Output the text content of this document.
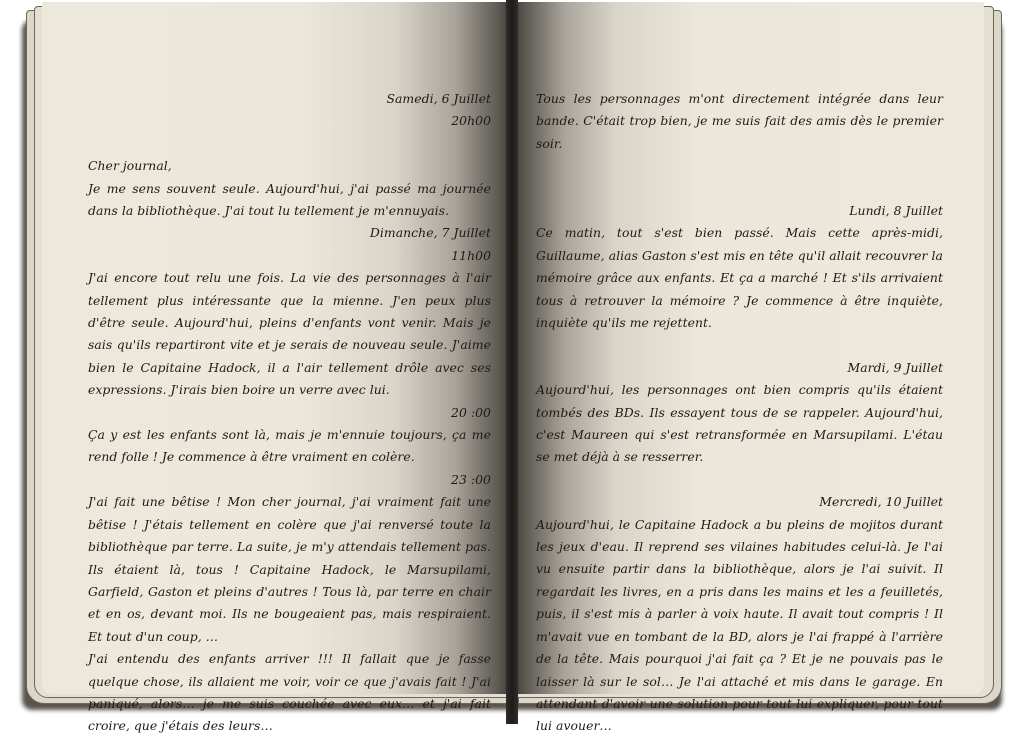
Samedi, 6 Juillet

20h00

Cher journal,

Je me sens souvent seule. Aujourd'hui, j'ai passé ma journée dans la bibliothèque. J'ai tout lu tellement je m'ennuyais.

Dimanche, 7 Juillet

11h00

J'ai encore tout relu une fois. La vie des personnages à l'air tellement plus intéressante que la mienne. J'en peux plus d'être seule. Aujourd'hui, pleins d'enfants vont venir. Mais je sais qu'ils repartiront vite et je serais de nouveau seule. J'aime bien le Capitaine Hadock, il a l'air tellement drôle avec ses expressions. J'irais bien boire un verre avec lui.

20 :00

Ça y est les enfants sont là, mais je m'ennuie toujours, ça me rend folle ! Je commence à être vraiment en colère.

23 :00

J'ai fait une bêtise ! Mon cher journal, j'ai vraiment fait une bêtise ! J'étais tellement en colère que j'ai renversé toute la bibliothèque par terre. La suite, je m'y attendais tellement pas. Ils étaient là, tous ! Capitaine Hadock, le Marsupilami, Garfield, Gaston et pleins d'autres ! Tous là, par terre en chair et en os, devant moi. Ils ne bougeaient pas, mais respiraient. Et tout d'un coup, …

J'ai entendu des enfants arriver !!! Il fallait que je fasse quelque chose, ils allaient me voir, voir ce que j'avais fait ! J'ai paniqué, alors… je me suis couchée avec eux… et j'ai fait croire, que j'étais des leurs…

Tous les personnages m'ont directement intégrée dans leur bande. C'était trop bien, je me suis fait des amis dès le premier soir.

Lundi, 8 Juillet

Ce matin, tout s'est bien passé. Mais cette après-midi, Guillaume, alias Gaston s'est mis en tête qu'il allait recouvrer la mémoire grâce aux enfants. Et ça a marché ! Et s'ils arrivaient tous à retrouver la mémoire ? Je commence à être inquiète, inquiète qu'ils me rejettent.

Mardi, 9 Juillet

Aujourd'hui, les personnages ont bien compris qu'ils étaient tombés des BDs. Ils essayent tous de se rappeler. Aujourd'hui, c'est Maureen qui s'est retransformée en Marsupilami. L'étau se met déjà à se resserrer.

Mercredi, 10 Juillet

Aujourd'hui, le Capitaine Hadock a bu pleins de mojitos durant les jeux d'eau. Il reprend ses vilaines habitudes celui-là. Je l'ai vu ensuite partir dans la bibliothèque, alors je l'ai suivit. Il regardait les livres, en a pris dans les mains et les a feuilletés, puis, il s'est mis à parler à voix haute. Il avait tout compris ! Il m'avait vue en tombant de la BD, alors je l'ai frappé à l'arrière de la tête. Mais pourquoi j'ai fait ça ? Et je ne pouvais pas le laisser là sur le sol… Je l'ai attaché et mis dans le garage. En attendant d'avoir une solution pour tout lui expliquer, pour tout lui avouer…
